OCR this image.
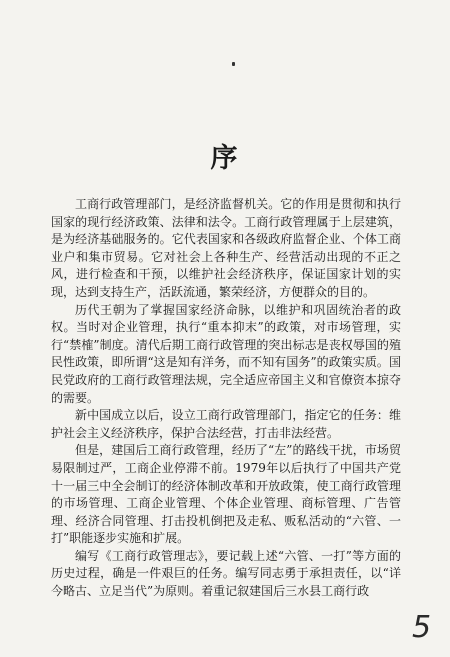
序

工商行政管理部门，是经济监督机关。它的作用是贯彻和执行国家的现行经济政策、法律和法令。工商行政管理属于上层建筑，是为经济基础服务的。它代表国家和各级政府监督企业、个体工商业户和集市贸易。它对社会上各种生产、经营活动出现的不正之风，进行检查和干预，以维护社会经济秩序，保证国家计划的实现，达到支持生产，活跃流通，繁荣经济，方便群众的目的。

历代王朝为了掌握国家经济命脉，以维护和巩固统治者的政权。当时对企业管理，执行“重本抑末”的政策，对市场管理，实行“禁榷”制度。清代后期工商行政管理的突出标志是丧权辱国的殖民性政策，即所谓“这是知有洋务，而不知有国务”的政策实质。国民党政府的工商行政管理法规，完全适应帝国主义和官僚资本掠夺的需要。

新中国成立以后，设立工商行政管理部门，指定它的任务：维护社会主义经济秩序，保护合法经营，打击非法经营。

但是，建国后工商行政管理，经历了“左”的路线干扰，市场贸易限制过严，工商企业停滞不前。1979年以后执行了中国共产党十一届三中全会制订的经济体制改革和开放政策，使工商行政管理的市场管理、工商企业管理、个体企业管理、商标管理、广告管理、经济合同管理、打击投机倒把及走私、贩私活动的“六管、一打”职能逐步实施和扩展。

编写《工商行政管理志》，要记载上述“六管、一打”等方面的历史过程，确是一件艰巨的任务。编写同志勇于承担责任，以“详今略古、立足当代”为原则。着重记叙建国后三水县工商行政

5
